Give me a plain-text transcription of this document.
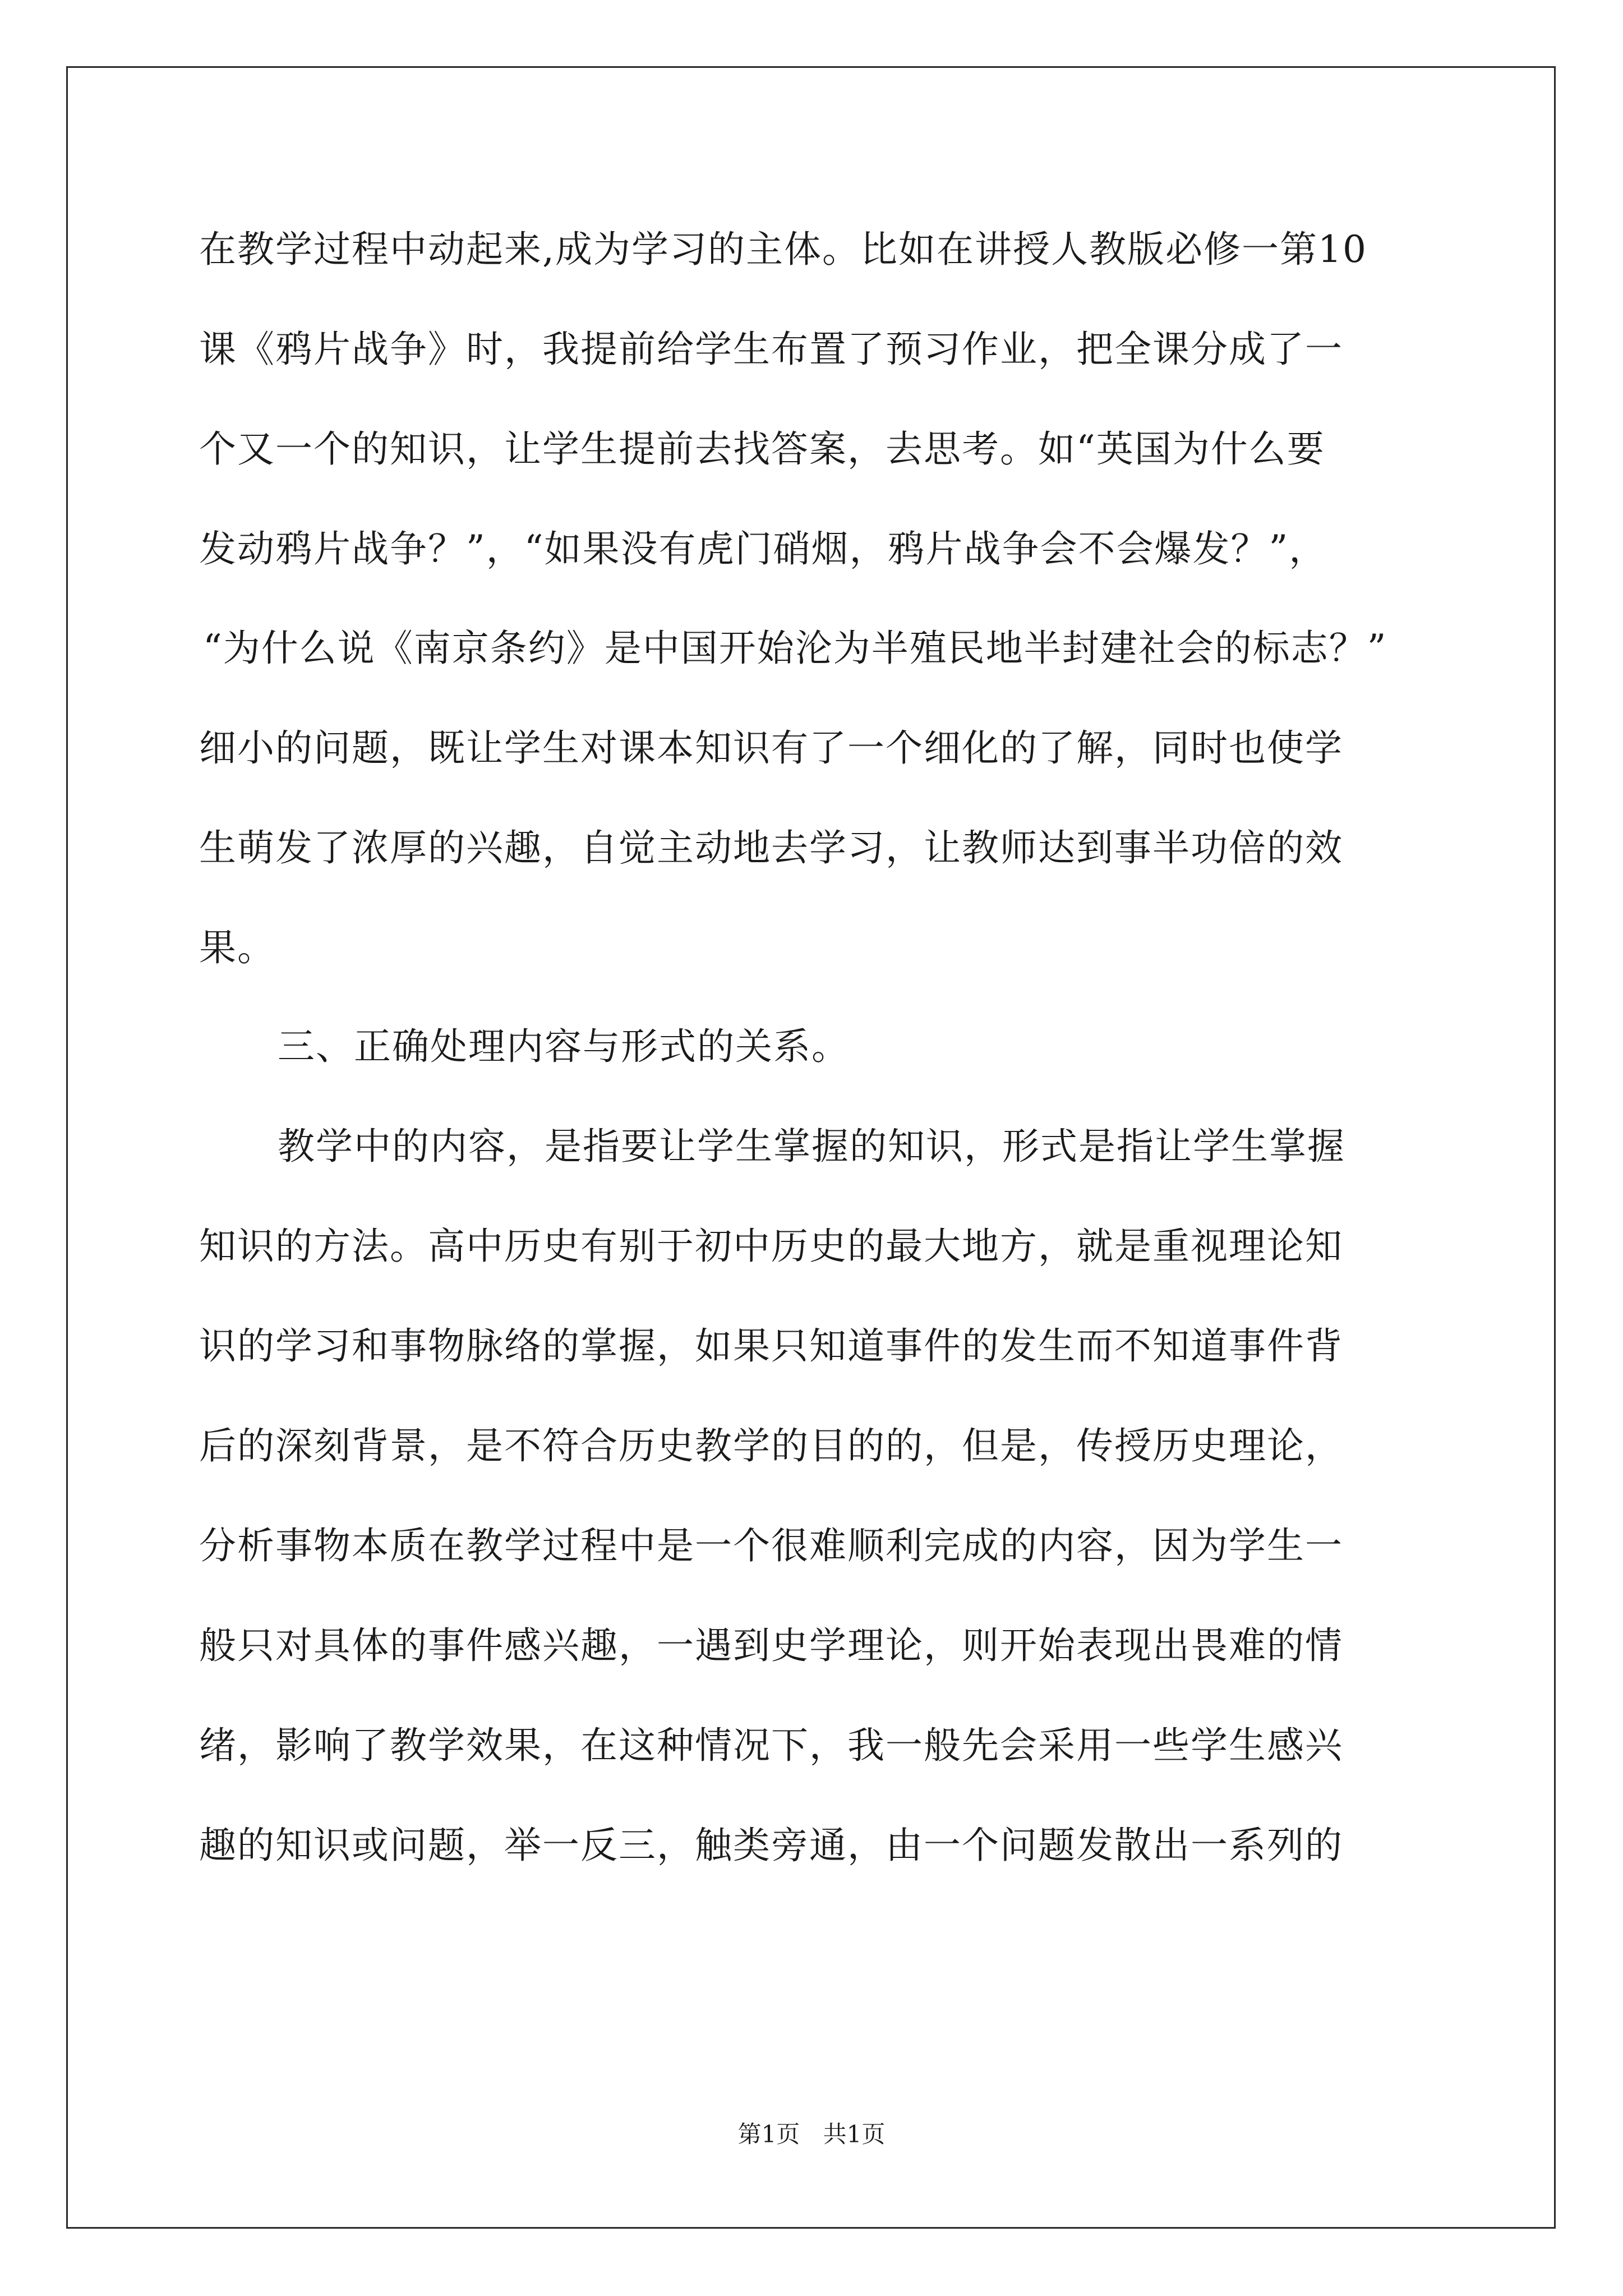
在教学过程中动起来,成为学习的主体。比如在讲授人教版必修一第10
课《鸦片战争》时，我提前给学生布置了预习作业，把全课分成了一
个又一个的知识，让学生提前去找答案，去思考。如“英国为什么要
发动鸦片战争？”，“如果没有虎门硝烟，鸦片战争会不会爆发？”，
“为什么说《南京条约》是中国开始沦为半殖民地半封建社会的标志？”
细小的问题，既让学生对课本知识有了一个细化的了解，同时也使学
生萌发了浓厚的兴趣，自觉主动地去学习，让教师达到事半功倍的效
果。
三、正确处理内容与形式的关系。
教学中的内容，是指要让学生掌握的知识，形式是指让学生掌握
知识的方法。高中历史有别于初中历史的最大地方，就是重视理论知
识的学习和事物脉络的掌握，如果只知道事件的发生而不知道事件背
后的深刻背景，是不符合历史教学的目的的，但是，传授历史理论，
分析事物本质在教学过程中是一个很难顺利完成的内容，因为学生一
般只对具体的事件感兴趣，一遇到史学理论，则开始表现出畏难的情
绪，影响了教学效果，在这种情况下，我一般先会采用一些学生感兴
趣的知识或问题，举一反三，触类旁通，由一个问题发散出一系列的
第1页 共1页
